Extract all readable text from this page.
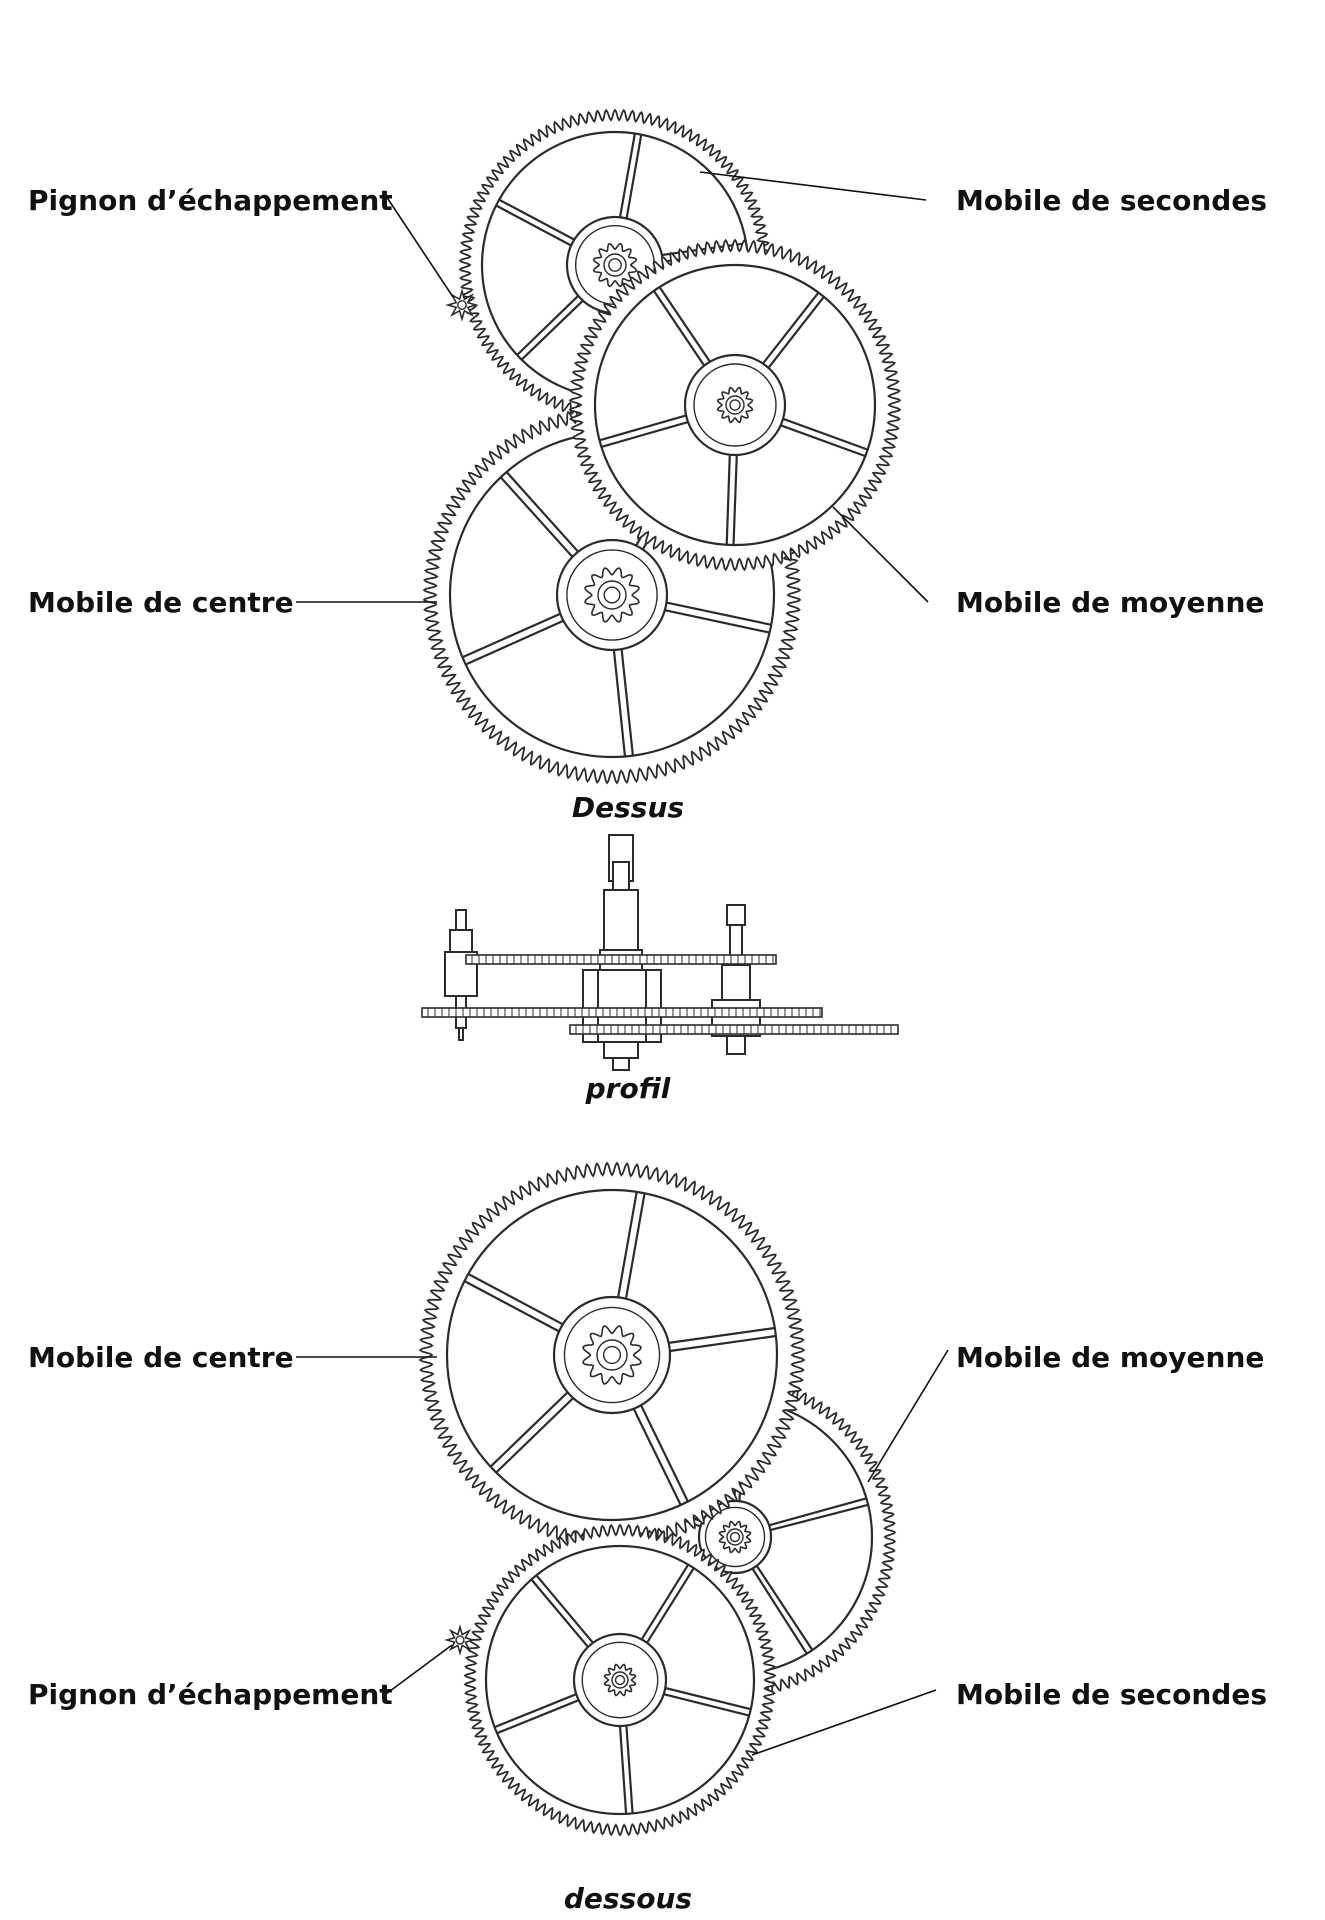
Pignon d’échappement	Mobile de secondes
Mobile de centre	Mobile de moyenne
Dessus
profil
Mobile de centre	Mobile de moyenne
Pignon d’échappement	Mobile de secondes
dessous
